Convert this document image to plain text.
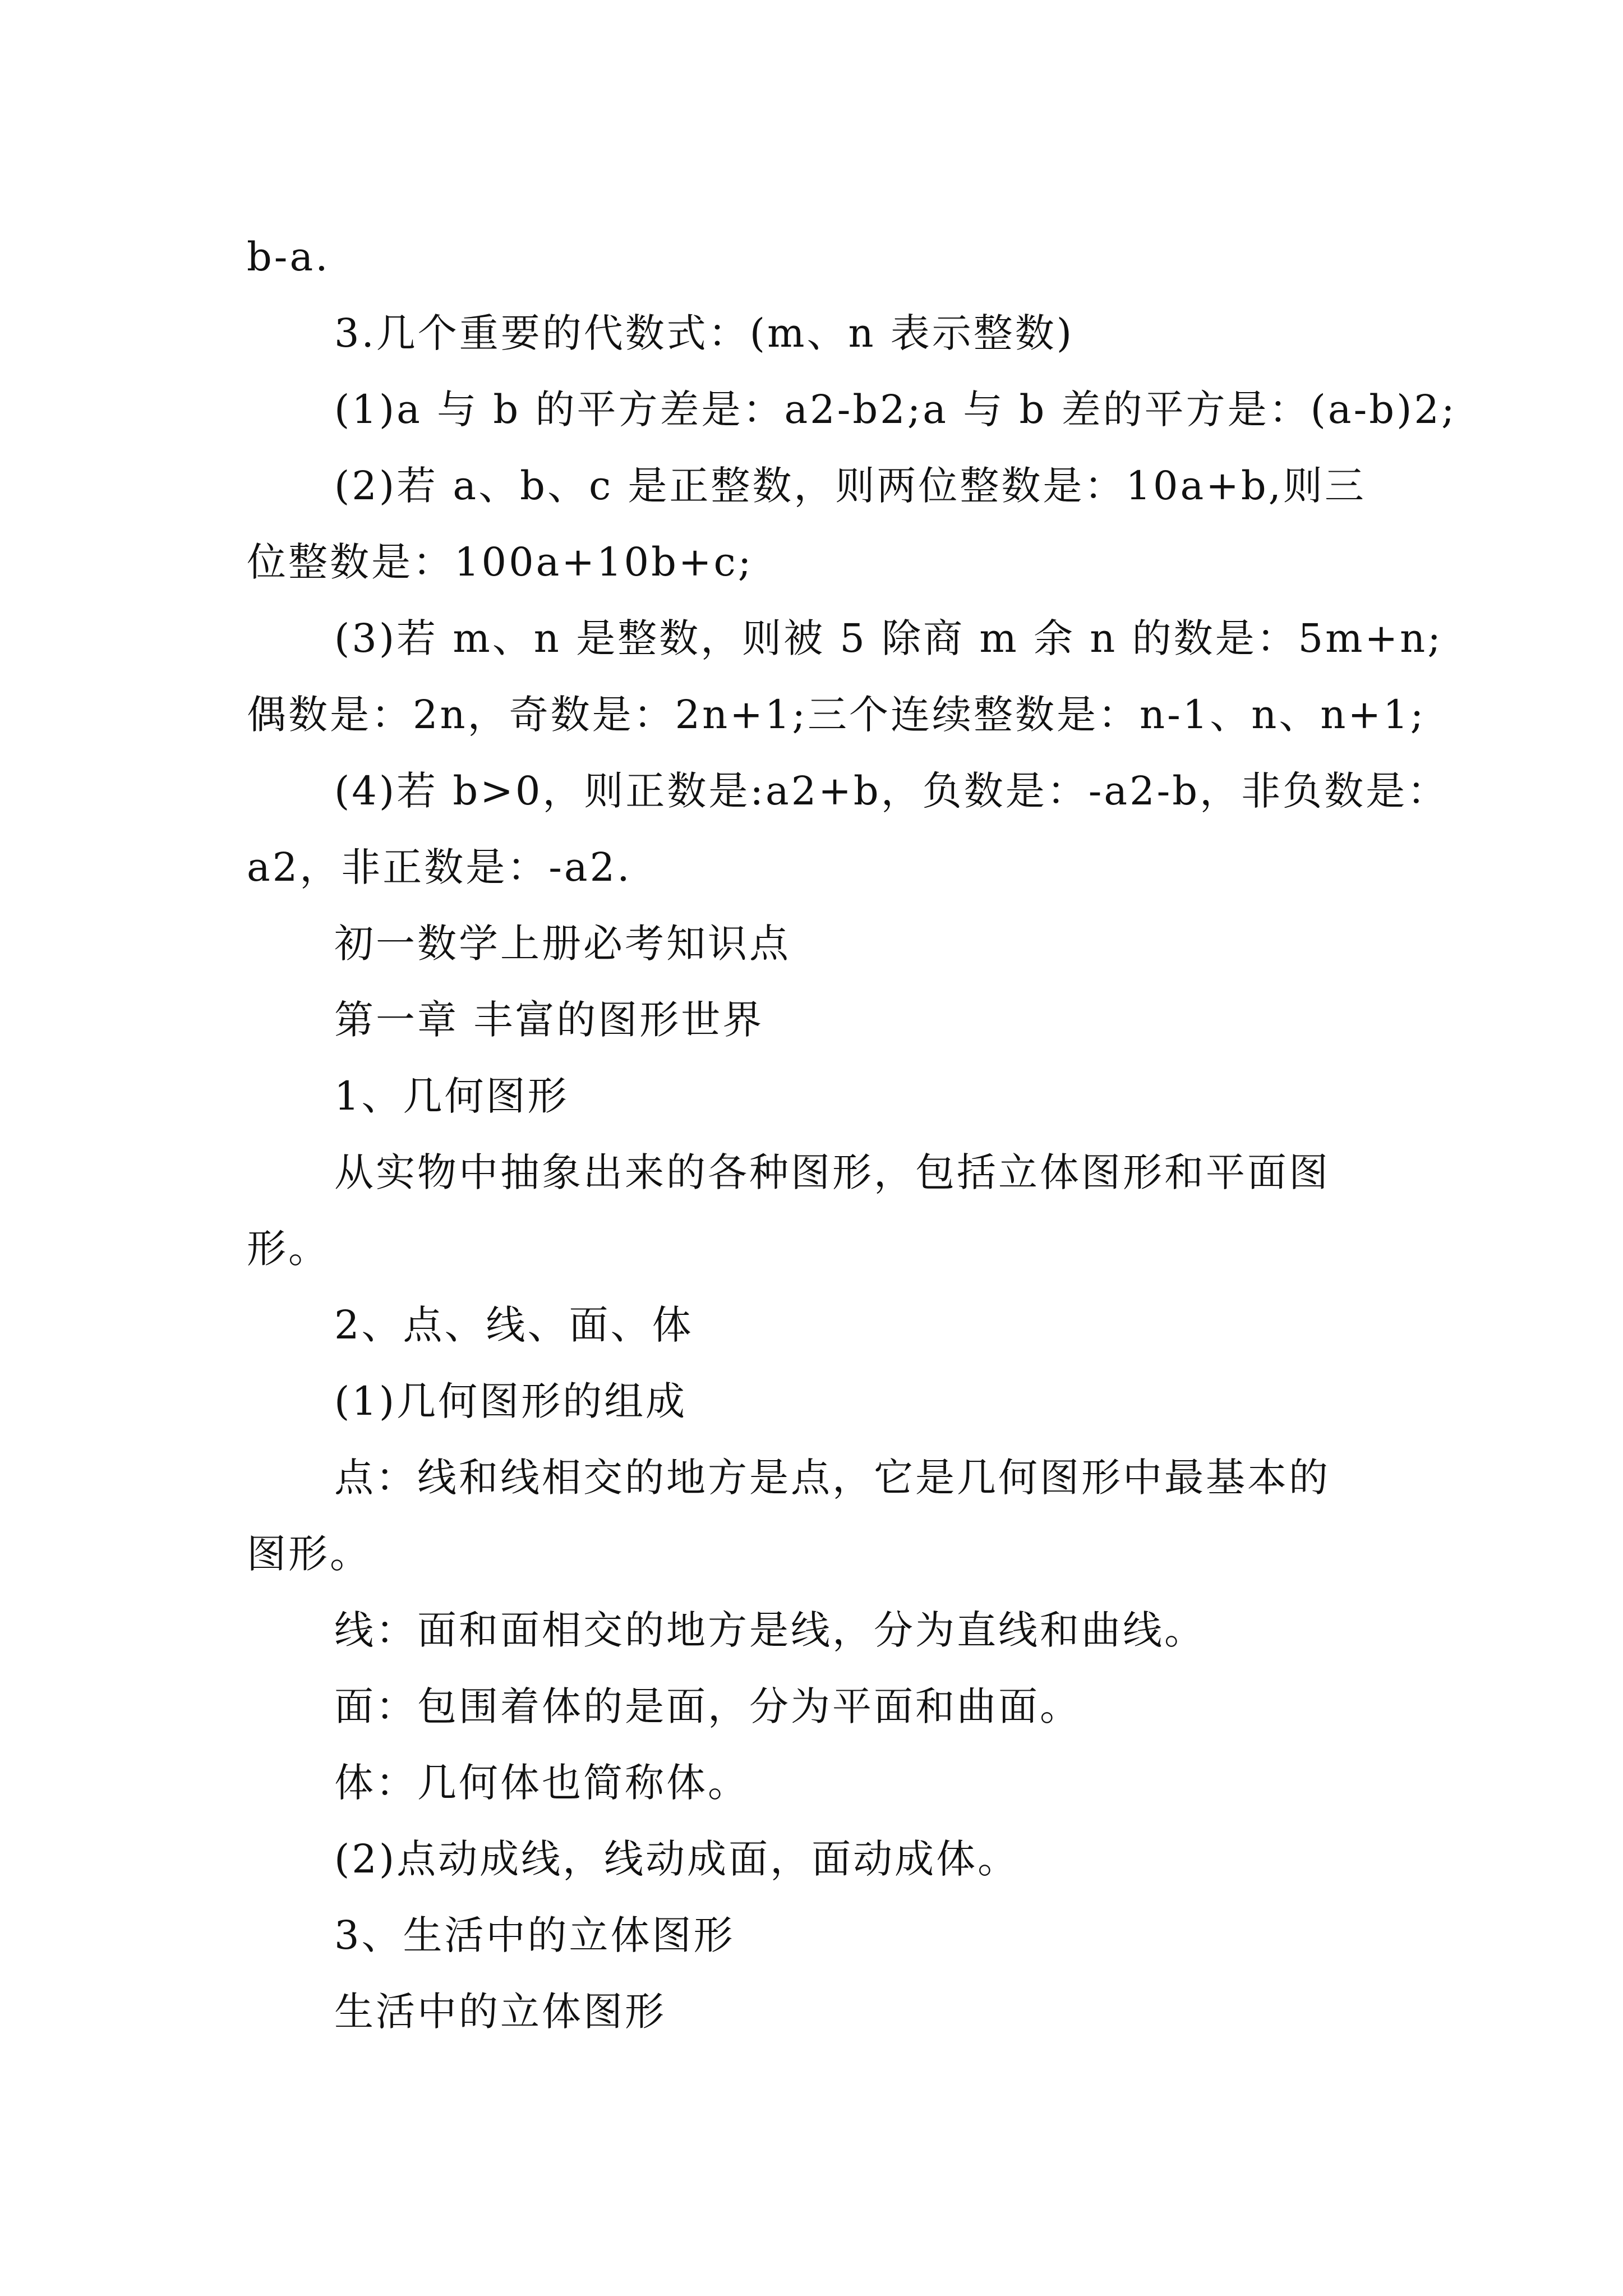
b-a.

3.几个重要的代数式：(m、n 表示整数)

(1)a 与 b 的平方差是：a2-b2;a 与 b 差的平方是：(a-b)2;

(2)若 a、b、c 是正整数，则两位整数是：10a+b,则三

位整数是：100a+10b+c;

(3)若 m、n 是整数，则被 5 除商 m 余 n 的数是：5m+n;

偶数是：2n，奇数是：2n+1;三个连续整数是：n-1、n、n+1;

(4)若 b>0，则正数是:a2+b，负数是：-a2-b，非负数是：

a2，非正数是：-a2.

初一数学上册必考知识点

第一章 丰富的图形世界

1、几何图形

从实物中抽象出来的各种图形，包括立体图形和平面图

形。

2、点、线、面、体

(1)几何图形的组成

点：线和线相交的地方是点，它是几何图形中最基本的

图形。

线：面和面相交的地方是线，分为直线和曲线。

面：包围着体的是面，分为平面和曲面。

体：几何体也简称体。

(2)点动成线，线动成面，面动成体。

3、生活中的立体图形

生活中的立体图形
